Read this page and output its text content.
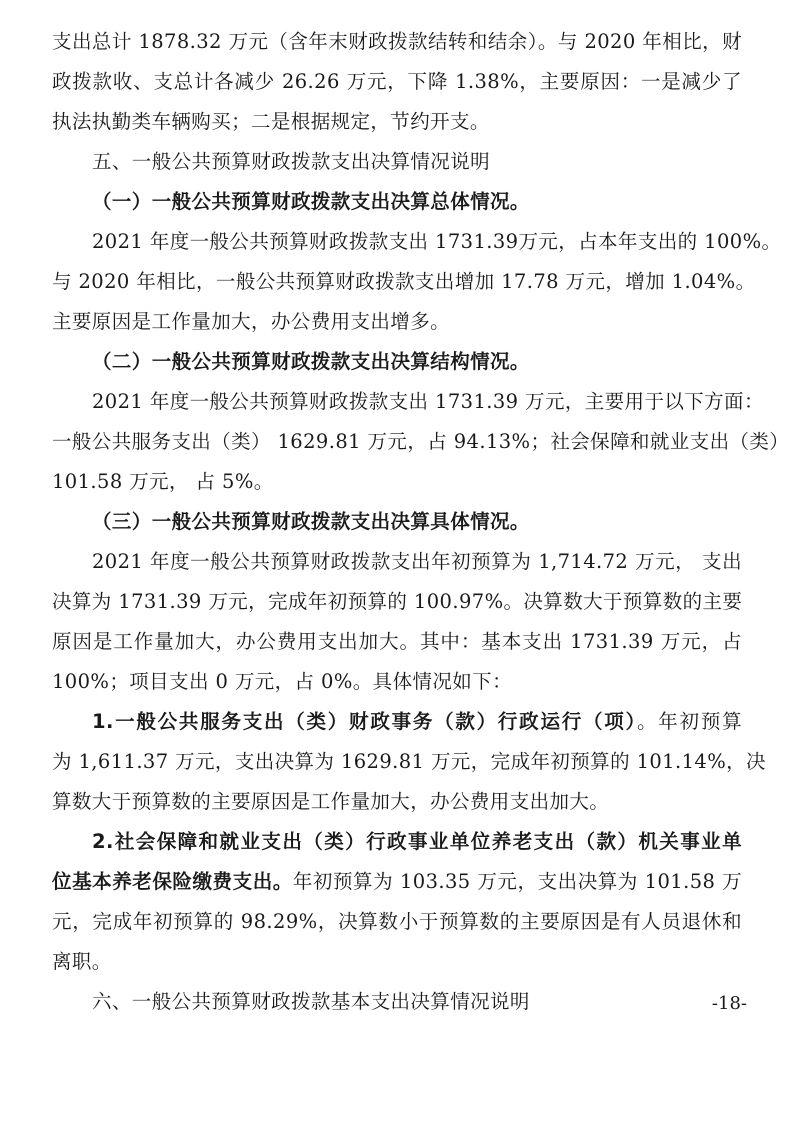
支出总计 1878.32 万元（含年末财政拨款结转和结余）。与 2020 年相比，财
政拨款收、支总计各减少 26.26 万元，下降 1.38%，主要原因：一是减少了
执法执勤类车辆购买；二是根据规定，节约开支。
五、一般公共预算财政拨款支出决算情况说明
（一）一般公共预算财政拨款支出决算总体情况。
2021 年度一般公共预算财政拨款支出 1731.39万元，占本年支出的 100%。
与 2020 年相比，一般公共预算财政拨款支出增加 17.78 万元，增加 1.04%。
主要原因是工作量加大，办公费用支出增多。
（二）一般公共预算财政拨款支出决算结构情况。
2021 年度一般公共预算财政拨款支出 1731.39 万元，主要用于以下方面：
一般公共服务支出（类） 1629.81 万元，占 94.13%；社会保障和就业支出（类）
101.58 万元， 占 5%。
（三）一般公共预算财政拨款支出决算具体情况。
2021 年度一般公共预算财政拨款支出年初预算为 1,714.72 万元， 支出
决算为 1731.39 万元，完成年初预算的 100.97%。决算数大于预算数的主要
原因是工作量加大，办公费用支出加大。其中：基本支出 1731.39 万元，占
100%；项目支出 0 万元，占 0%。具体情况如下：
1.一般公共服务支出（类）财政事务（款）行政运行（项）。年初预算
为 1,611.37 万元，支出决算为 1629.81 万元，完成年初预算的 101.14%，决
算数大于预算数的主要原因是工作量加大，办公费用支出加大。
2.社会保障和就业支出（类）行政事业单位养老支出（款）机关事业单
位基本养老保险缴费支出。年初预算为 103.35 万元，支出决算为 101.58 万
元，完成年初预算的 98.29%，决算数小于预算数的主要原因是有人员退休和
离职。
六、一般公共预算财政拨款基本支出决算情况说明	-18-
